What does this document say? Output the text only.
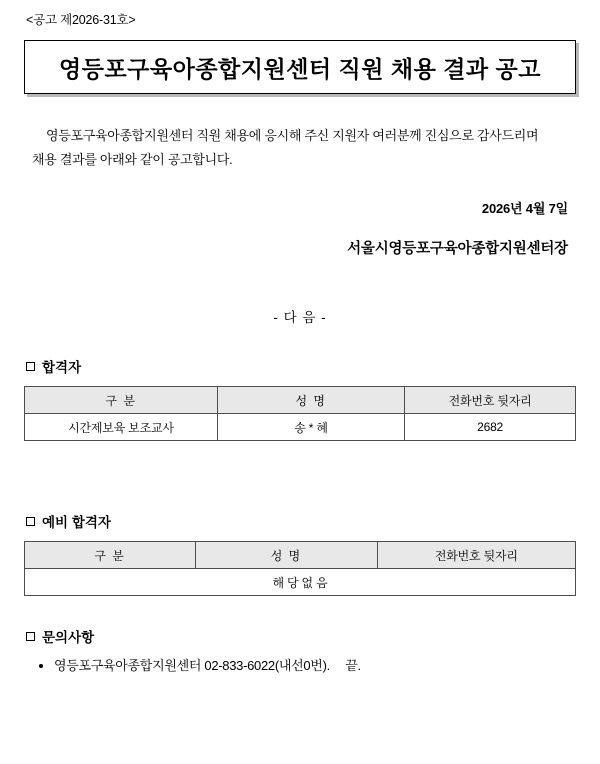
<공고 제2026-31호>
영등포구육아종합지원센터 직원 채용 결과 공고
영등포구육아종합지원센터 직원 채용에 응시해 주신 지원자 여러분께 진심으로 감사드리며
채용 결과를 아래와 같이 공고합니다.
2026년 4월 7일
서울시영등포구육아종합지원센터장
- 다 음 -
합격자
구 분	성 명	전화번호 뒷자리
시간제보육 보조교사	송 * 혜	2682
예비 합격자
구 분	성 명	전화번호 뒷자리
해 당 없 음
문의사항
• 영등포구육아종합지원센터 02-833-6022(내선0번). 끝.
